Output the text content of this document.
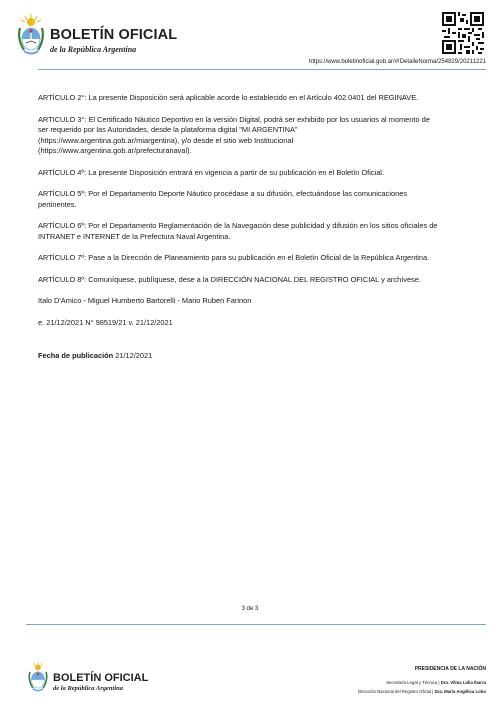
BOLETÍN OFICIAL
de la República Argentina
https://www.boletinoficial.gob.ar/#!DetalleNorma/254829/20211221

ARTÍCULO 2°: La presente Disposición será aplicable acorde lo establecido en el Artículo 402.0401 del REGINAVE.

ARTICULO 3°: El Certificado Náutico Deportivo en la versión Digital, podrá ser exhibido por los usuarios al momento de ser requerido por las Autoridades, desde la plataforma digital "MI ARGENTINA" (https://www.argentina.gob.ar/miargentina), y/o desde el sitio web Institucional (https://www.argentina.gob.ar/prefecturanaval).

ARTÍCULO 4º: La presente Disposición entrará en vigencia a partir de su publicación en el Boletín Oficial.

ARTÍCULO 5º: Por el Departamento Deporte Náutico procédase a su difusión, efectuándose las comunicaciones pertinentes.

ARTÍCULO 6º: Por el Departamento Reglamentación de la Navegación dese publicidad y difusión en los sitios oficiales de INTRANET e INTERNET de la Prefectura Naval Argentina.

ARTÍCULO 7º: Pase a la Dirección de Planeamiento para su publicación en el Boletín Oficial de la República Argentina.

ARTÍCULO 8º: Comuníquese, publíquese, dese a la DIRECCIÓN NACIONAL DEL REGISTRO OFICIAL y archívese.

Italo D'Amico - Miguel Humberto Bartorelli - Mario Ruben Farinon

e. 21/12/2021 N° 98519/21 v. 21/12/2021

Fecha de publicación 21/12/2021

3 de 3
BOLETÍN OFICIAL
de la República Argentina
PRESIDENCIA DE LA NACIÓN
Secretaría Legal y Técnica | Dra. Vilma Lidia Ibarra
Dirección Nacional del Registro Oficial | Dra. María Angélica Lobo
